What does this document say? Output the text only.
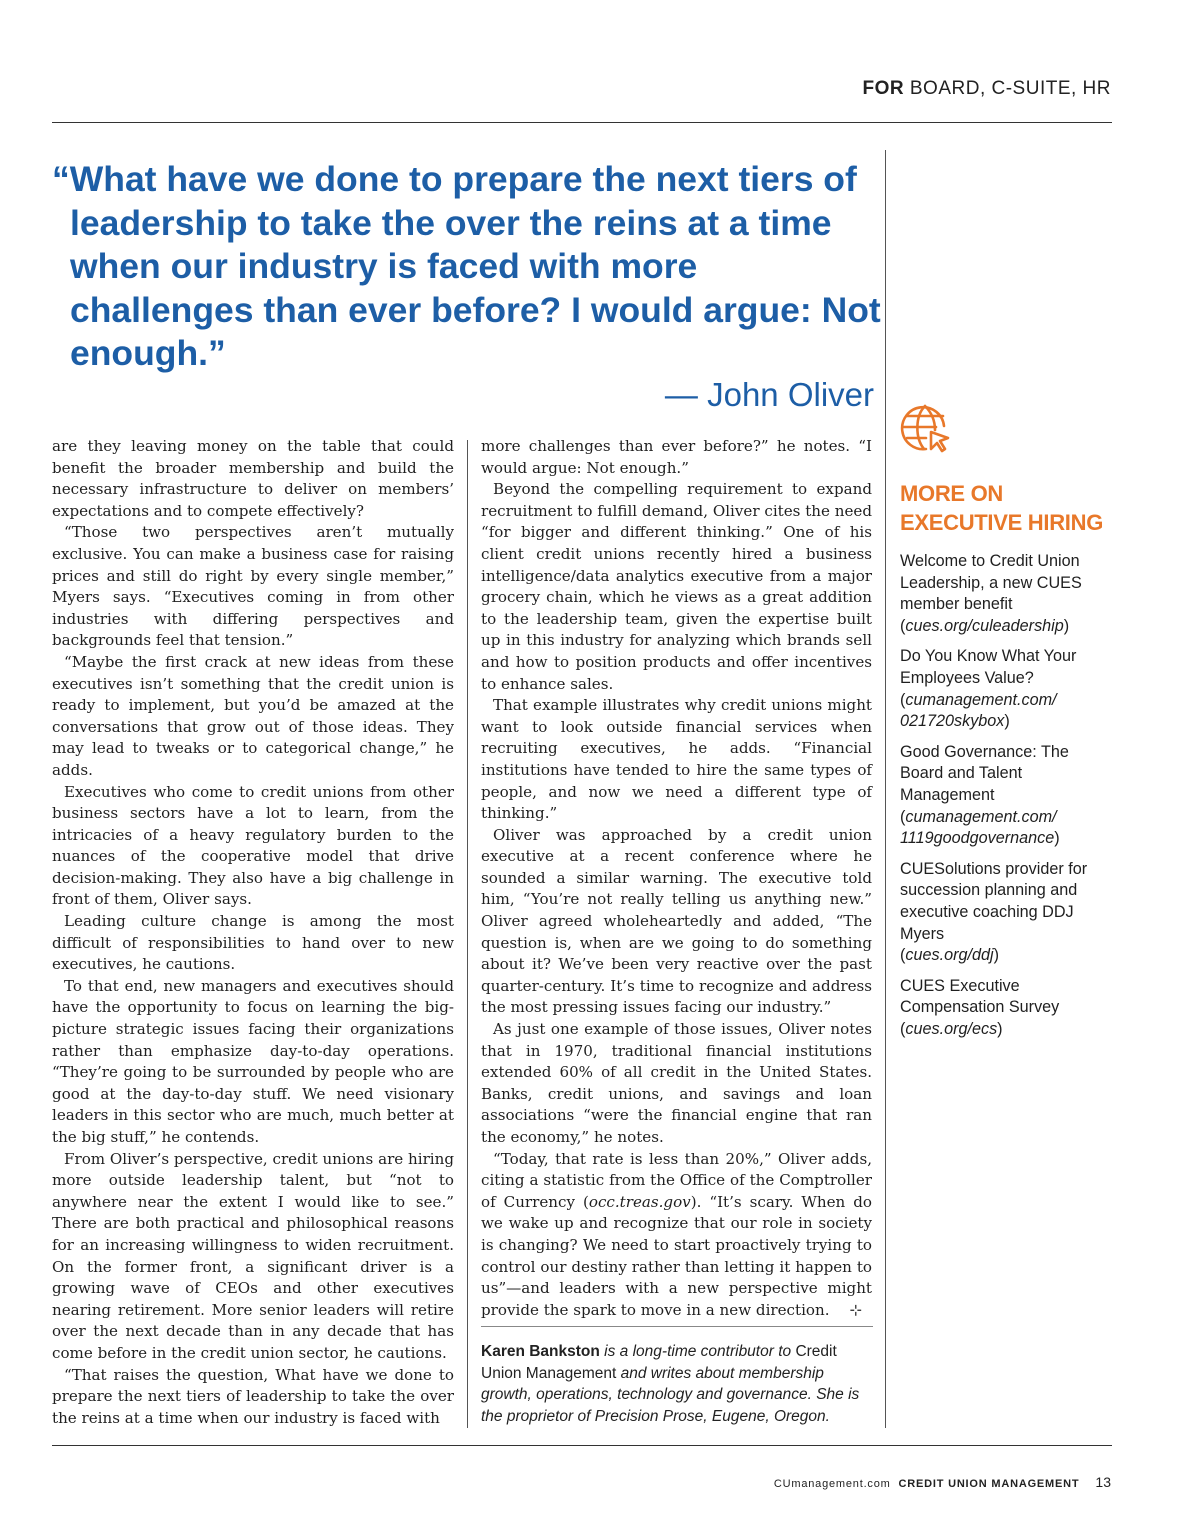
FOR BOARD, C-SUITE, HR

“What have we done to prepare the next tiers of leadership to take the over the reins at a time when our industry is faced with more challenges than ever before? I would argue: Not enough.”

— John Oliver

are they leaving money on the table that could benefit the broader membership and build the necessary infrastructure to deliver on members’ expectations and to compete effectively?

“Those two perspectives aren’t mutually exclusive. You can make a business case for raising prices and still do right by every single member,” Myers says. “Executives coming in from other industries with differing perspectives and backgrounds feel that tension.”

“Maybe the first crack at new ideas from these executives isn’t something that the credit union is ready to implement, but you’d be amazed at the conversations that grow out of those ideas. They may lead to tweaks or to categorical change,” he adds.

Executives who come to credit unions from other business sectors have a lot to learn, from the intricacies of a heavy regulatory burden to the nuances of the cooperative model that drive decision-making. They also have a big challenge in front of them, Oliver says.

Leading culture change is among the most difficult of responsibilities to hand over to new executives, he cautions.

To that end, new managers and executives should have the opportunity to focus on learning the big-picture strategic issues facing their organizations rather than emphasize day-to-day operations. “They’re going to be surrounded by people who are good at the day-to-day stuff. We need visionary leaders in this sector who are much, much better at the big stuff,” he contends.

From Oliver’s perspective, credit unions are hiring more outside leadership talent, but “not to anywhere near the extent I would like to see.” There are both practical and philosophical reasons for an increasing willingness to widen recruitment. On the former front, a significant driver is a growing wave of CEOs and other executives nearing retirement. More senior leaders will retire over the next decade than in any decade that has come before in the credit union sector, he cautions.

“That raises the question, What have we done to prepare the next tiers of leadership to take the over the reins at a time when our industry is faced with

more challenges than ever before?” he notes. “I would argue: Not enough.”

Beyond the compelling requirement to expand recruitment to fulfill demand, Oliver cites the need “for bigger and different thinking.” One of his client credit unions recently hired a business intelligence/data analytics executive from a major grocery chain, which he views as a great addition to the leadership team, given the expertise built up in this industry for analyzing which brands sell and how to position products and offer incentives to enhance sales.

That example illustrates why credit unions might want to look outside financial services when recruiting executives, he adds. “Financial institutions have tended to hire the same types of people, and now we need a different type of thinking.”

Oliver was approached by a credit union executive at a recent conference where he sounded a similar warning. The executive told him, “You’re not really telling us anything new.” Oliver agreed wholeheartedly and added, “The question is, when are we going to do something about it? We’ve been very reactive over the past quarter-century. It’s time to recognize and address the most pressing issues facing our industry.”

As just one example of those issues, Oliver notes that in 1970, traditional financial institutions extended 60% of all credit in the United States. Banks, credit unions, and savings and loan associations “were the financial engine that ran the economy,” he notes.

“Today, that rate is less than 20%,” Oliver adds, citing a statistic from the Office of the Comptroller of Currency (occ.treas.gov). “It’s scary. When do we wake up and recognize that our role in society is changing? We need to start proactively trying to control our destiny rather than letting it happen to us”—and leaders with a new perspective might provide the spark to move in a new direction. ⊹

Karen Bankston is a long-time contributor to Credit Union Management and writes about membership growth, operations, technology and governance. She is the proprietor of Precision Prose, Eugene, Oregon.

MORE ON
EXECUTIVE HIRING

Welcome to Credit Union Leadership, a new CUES member benefit
(cues.org/culeadership)

Do You Know What Your Employees Value?
(cumanagement.com/ 021720skybox)

Good Governance: The Board and Talent Management
(cumanagement.com/ 1119goodgovernance)

CUESolutions provider for succession planning and executive coaching DDJ Myers
(cues.org/ddj)

CUES Executive Compensation Survey
(cues.org/ecs)

CUmanagement.com CREDIT UNION MANAGEMENT 13
